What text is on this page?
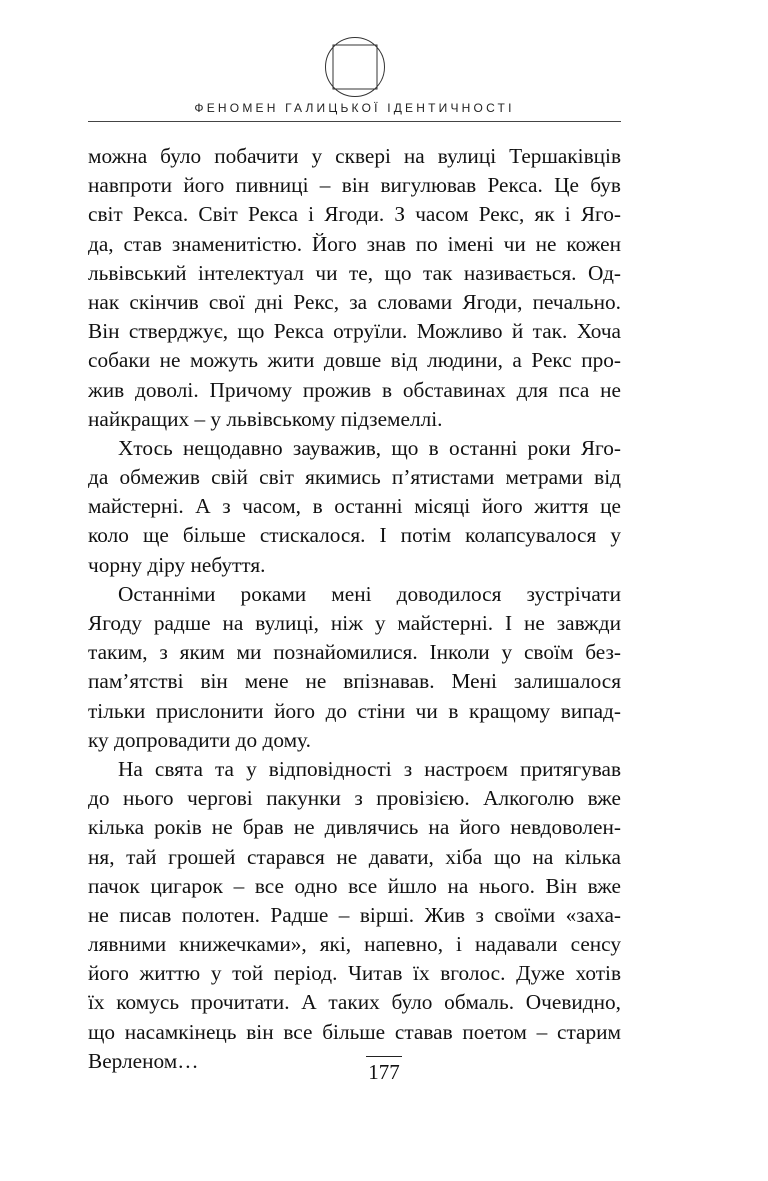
ФЕНОМЕН ГАЛИЦЬКОЇ ІДЕНТИЧНОСТІ
можна було побачити у сквері на вулиці Тершаківців
навпроти його пивниці – він вигулював Рекса. Це був
світ Рекса. Світ Рекса і Ягоди. З часом Рекс, як і Яго-
да, став знаменитістю. Його знав по імені чи не кожен
львівський інтелектуал чи те, що так називається. Од-
нак скінчив свої дні Рекс, за словами Ягоди, печально.
Він стверджує, що Рекса отруїли. Можливо й так. Хоча
собаки не можуть жити довше від людини, а Рекс про-
жив доволі. Причому прожив в обставинах для пса не
найкращих – у львівському підземеллі.
Хтось нещодавно зауважив, що в останні роки Яго-
да обмежив свій світ якимись п’ятистами метрами від
майстерні. А з часом, в останні місяці його життя це
коло ще більше стискалося. І потім колапсувалося у
чорну діру небуття.
Останніми роками мені доводилося зустрічати
Ягоду радше на вулиці, ніж у майстерні. І не завжди
таким, з яким ми познайомилися. Інколи у своїм без-
пам’ятстві він мене не впізнавав. Мені залишалося
тільки прислонити його до стіни чи в кращому випад-
ку допровадити до дому.
На свята та у відповідності з настроєм притягував
до нього чергові пакунки з провізією. Алкоголю вже
кілька років не брав не дивлячись на його невдоволен-
ня, тай грошей старався не давати, хіба що на кілька
пачок цигарок – все одно все йшло на нього. Він вже
не писав полотен. Радше – вірші. Жив з своїми «заха-
лявними книжечками», які, напевно, і надавали сенсу
його життю у той період. Читав їх вголос. Дуже хотів
їх комусь прочитати. А таких було обмаль. Очевидно,
що насамкінець він все більше ставав поетом – старим
Верленом…	177
